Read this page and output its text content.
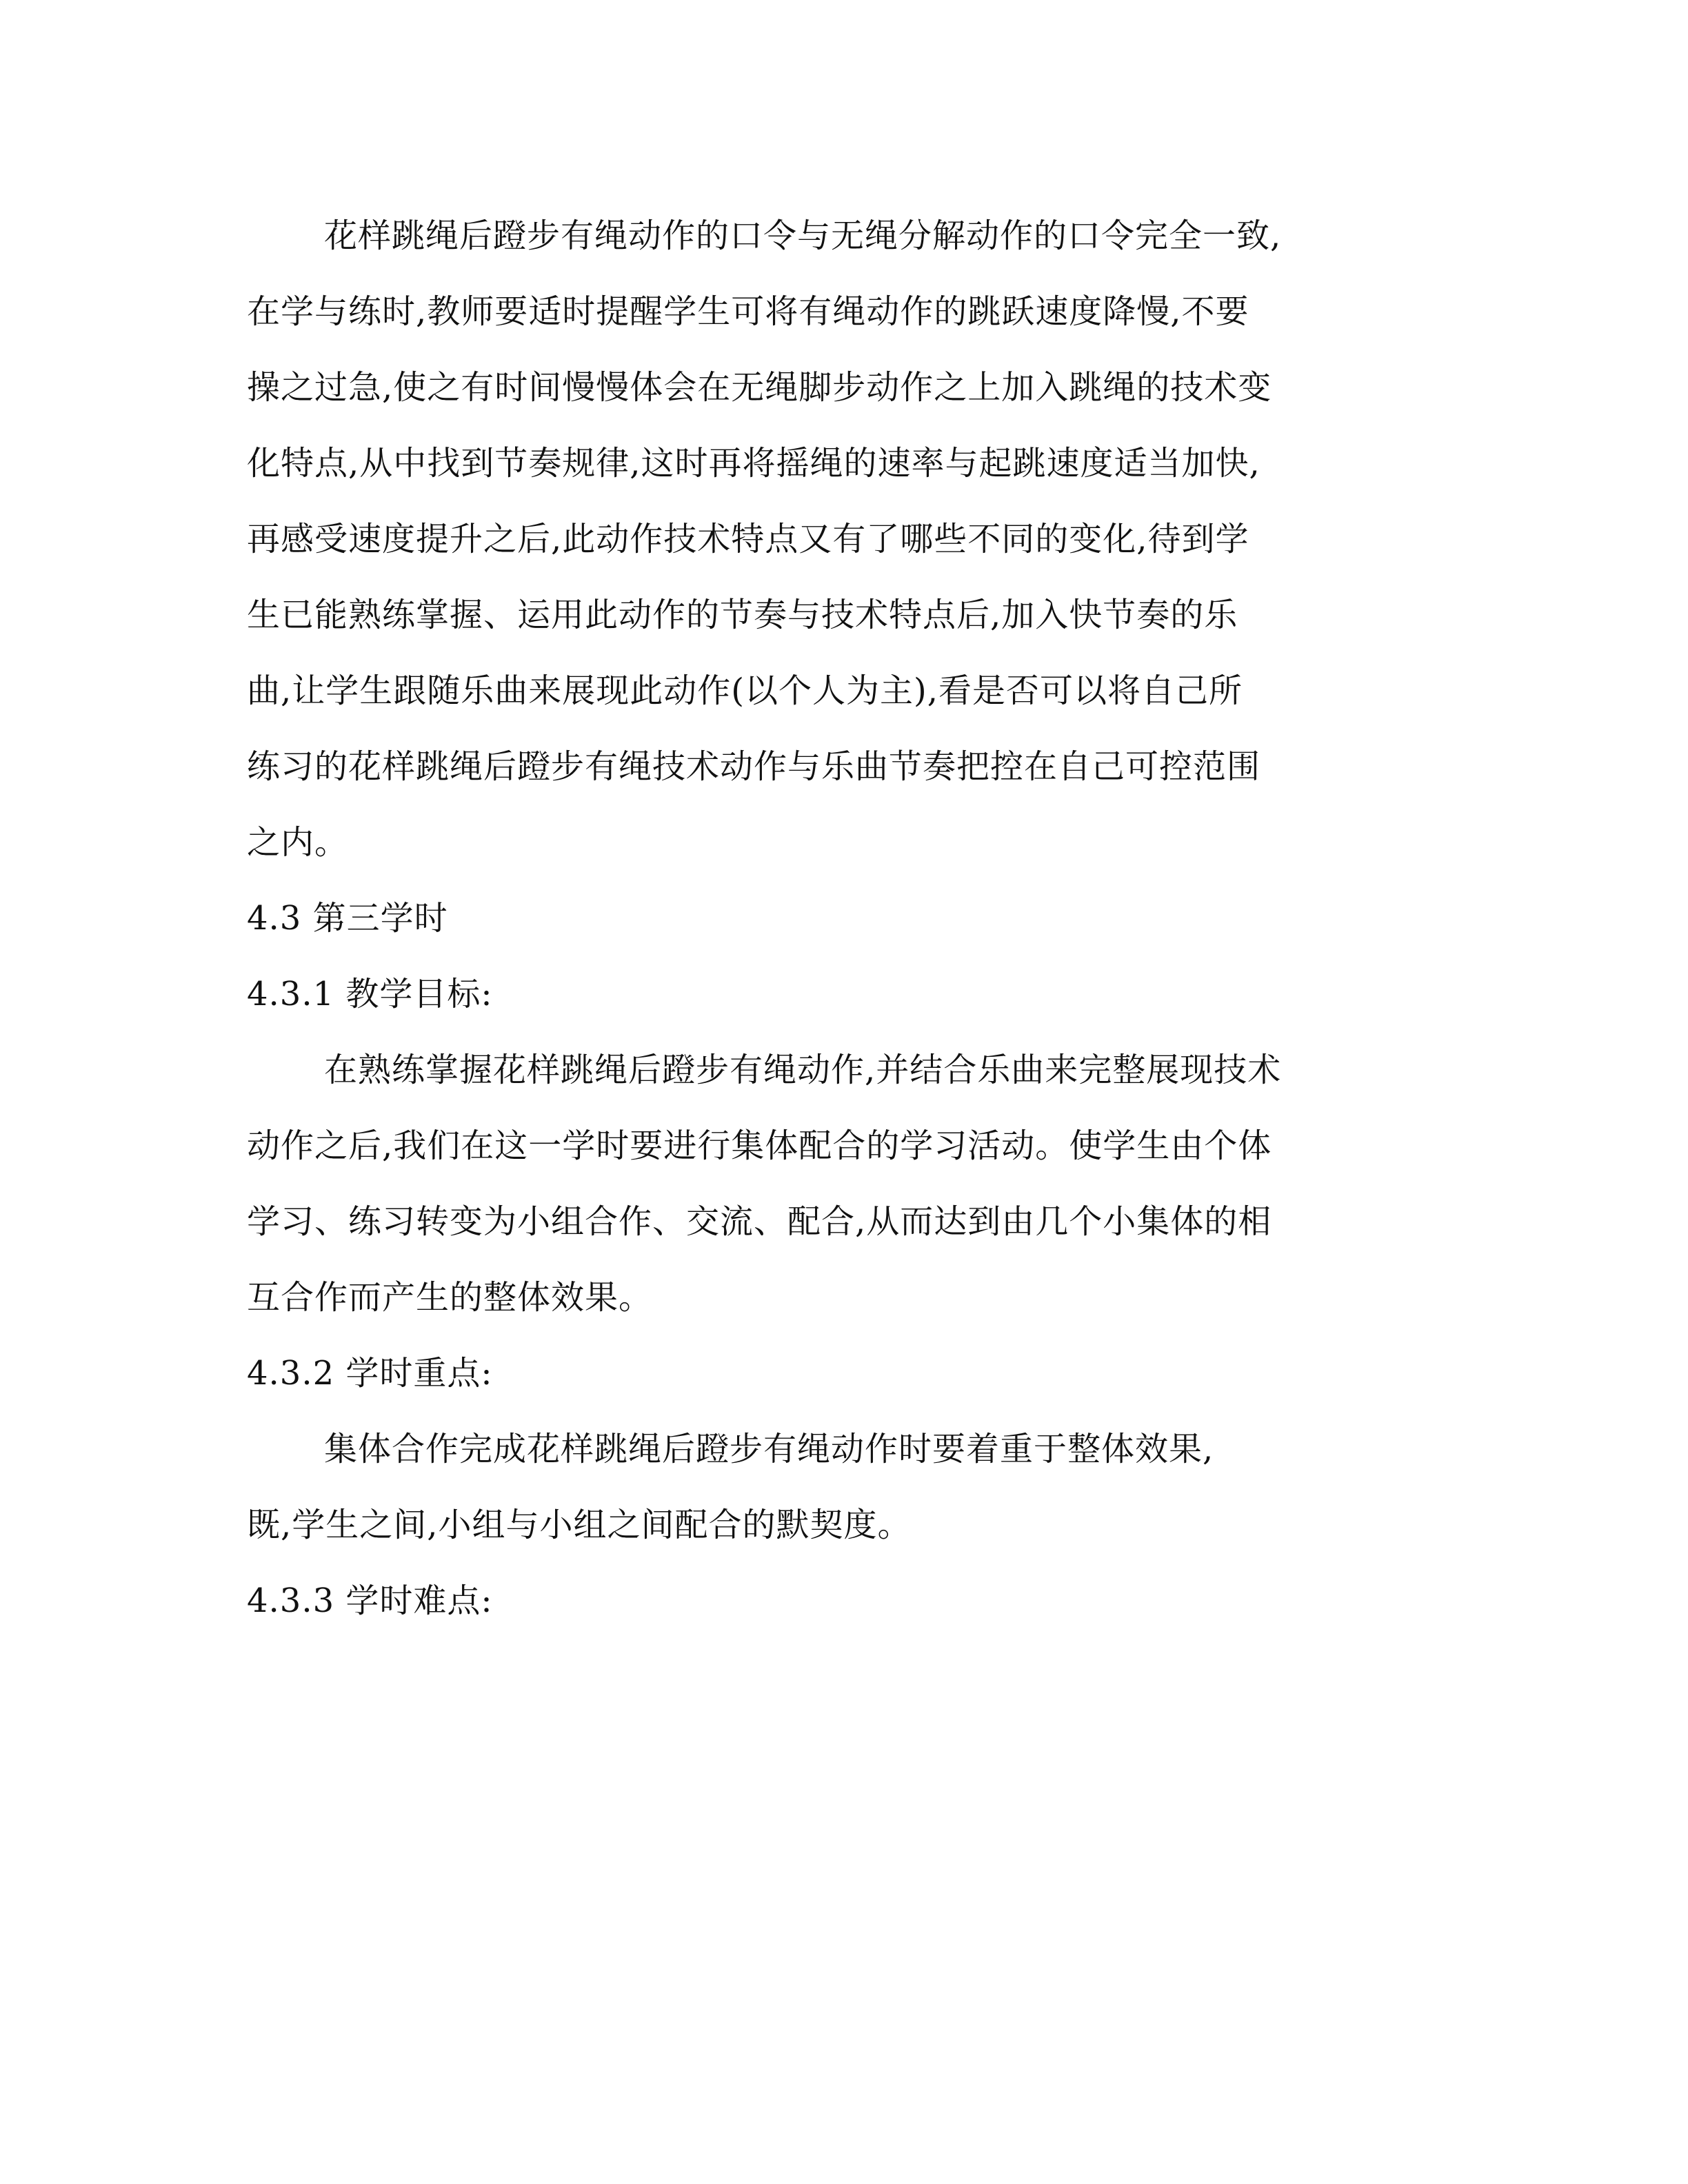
花样跳绳后蹬步有绳动作的口令与无绳分解动作的口令完全一致,
在学与练时,教师要适时提醒学生可将有绳动作的跳跃速度降慢,不要
操之过急,使之有时间慢慢体会在无绳脚步动作之上加入跳绳的技术变
化特点,从中找到节奏规律,这时再将摇绳的速率与起跳速度适当加快,
再感受速度提升之后,此动作技术特点又有了哪些不同的变化,待到学
生已能熟练掌握、运用此动作的节奏与技术特点后,加入快节奏的乐
曲,让学生跟随乐曲来展现此动作(以个人为主),看是否可以将自己所
练习的花样跳绳后蹬步有绳技术动作与乐曲节奏把控在自己可控范围
之内。
4.3 第三学时
4.3.1 教学目标:
在熟练掌握花样跳绳后蹬步有绳动作,并结合乐曲来完整展现技术
动作之后,我们在这一学时要进行集体配合的学习活动。使学生由个体
学习、练习转变为小组合作、交流、配合,从而达到由几个小集体的相
互合作而产生的整体效果。
4.3.2 学时重点:
集体合作完成花样跳绳后蹬步有绳动作时要着重于整体效果,
既,学生之间,小组与小组之间配合的默契度。
4.3.3 学时难点:
